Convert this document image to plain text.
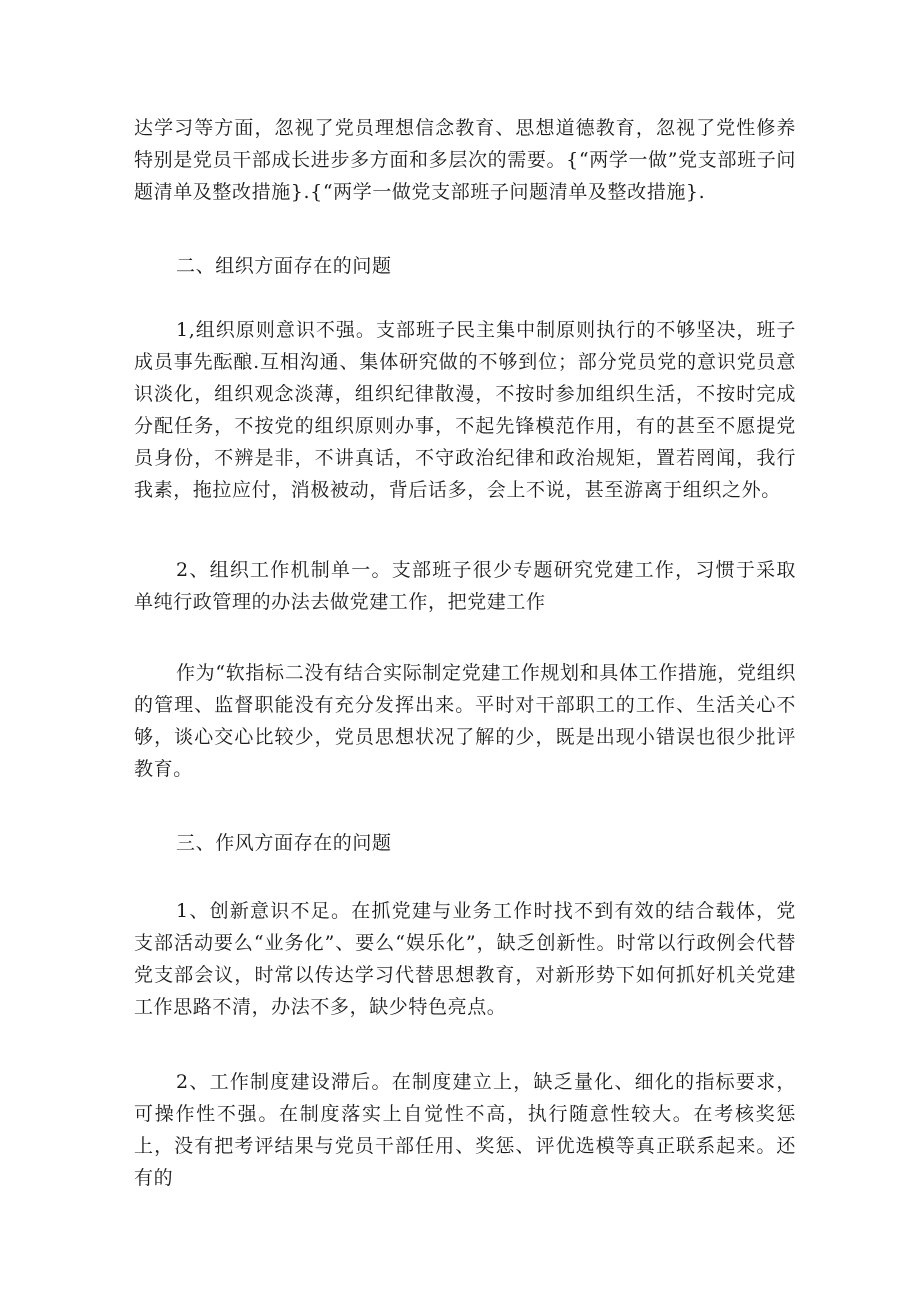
达学习等方面，忽视了党员理想信念教育、思想道德教育，忽视了党性修养特别是党员干部成长进步多方面和多层次的需要。{“两学一做”党支部班子问题清单及整改措施}.{“两学一做党支部班子问题清单及整改措施}.

二、组织方面存在的问题

1,组织原则意识不强。支部班子民主集中制原则执行的不够坚决，班子成员事先酝酿.互相沟通、集体研究做的不够到位；部分党员党的意识党员意识淡化，组织观念淡薄，组织纪律散漫，不按时参加组织生活，不按时完成分配任务，不按党的组织原则办事，不起先锋模范作用，有的甚至不愿提党员身份，不辨是非，不讲真话，不守政治纪律和政治规矩，置若罔闻，我行我素，拖拉应付，消极被动，背后话多，会上不说，甚至游离于组织之外。

2、组织工作机制单一。支部班子很少专题研究党建工作，习惯于采取单纯行政管理的办法去做党建工作，把党建工作

作为“软指标二没有结合实际制定党建工作规划和具体工作措施，党组织的管理、监督职能没有充分发挥出来。平时对干部职工的工作、生活关心不够，谈心交心比较少，党员思想状况了解的少，既是出现小错误也很少批评教育。

三、作风方面存在的问题

1、创新意识不足。在抓党建与业务工作时找不到有效的结合载体，党支部活动要么“业务化”、要么“娱乐化”，缺乏创新性。时常以行政例会代替党支部会议，时常以传达学习代替思想教育，对新形势下如何抓好机关党建工作思路不清，办法不多，缺少特色亮点。

2、工作制度建设滞后。在制度建立上，缺乏量化、细化的指标要求，可操作性不强。在制度落实上自觉性不高，执行随意性较大。在考核奖惩上，没有把考评结果与党员干部任用、奖惩、评优选模等真正联系起来。还有的
